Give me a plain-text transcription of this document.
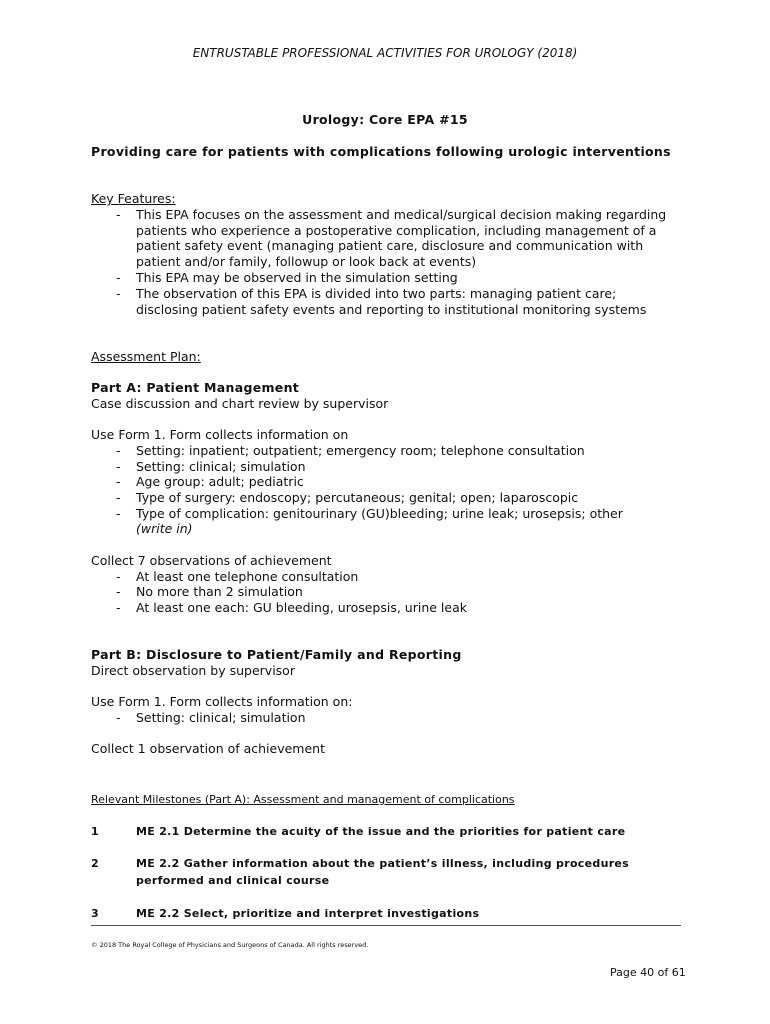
ENTRUSTABLE PROFESSIONAL ACTIVITIES FOR UROLOGY (2018)
Urology: Core EPA #15
Providing care for patients with complications following urologic interventions
Key Features:
- This EPA focuses on the assessment and medical/surgical decision making regarding
patients who experience a postoperative complication, including management of a
patient safety event (managing patient care, disclosure and communication with
patient and/or family, followup or look back at events)
- This EPA may be observed in the simulation setting
- The observation of this EPA is divided into two parts: managing patient care;
disclosing patient safety events and reporting to institutional monitoring systems
Assessment Plan:
Part A: Patient Management
Case discussion and chart review by supervisor
Use Form 1. Form collects information on
- Setting: inpatient; outpatient; emergency room; telephone consultation
- Setting: clinical; simulation
- Age group: adult; pediatric
- Type of surgery: endoscopy; percutaneous; genital; open; laparoscopic
- Type of complication: genitourinary (GU)bleeding; urine leak; urosepsis; other
(write in)
Collect 7 observations of achievement
- At least one telephone consultation
- No more than 2 simulation
- At least one each: GU bleeding, urosepsis, urine leak
Part B: Disclosure to Patient/Family and Reporting
Direct observation by supervisor
Use Form 1. Form collects information on:
- Setting: clinical; simulation
Collect 1 observation of achievement
Relevant Milestones (Part A): Assessment and management of complications
1	ME 2.1 Determine the acuity of the issue and the priorities for patient care
2	ME 2.2 Gather information about the patient’s illness, including procedures
performed and clinical course
3	ME 2.2 Select, prioritize and interpret investigations
© 2018 The Royal College of Physicians and Surgeons of Canada. All rights reserved.
Page 40 of 61
